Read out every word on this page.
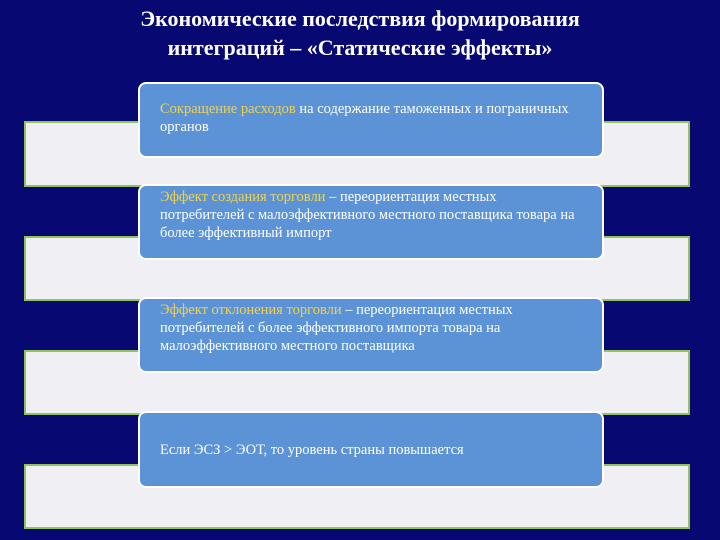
Экономические последствия формирования
интеграций – «Статические эффекты»
Сокращение расходов на содержание таможенных и пограничных органов
Эффект создания торговли – переориентация местных потребителей с малоэффективного местного поставщика товара на более эффективный импорт
Эффект отклонения торговли – переориентация местных потребителей с более эффективного импорта товара на малоэффективного местного поставщика
Если ЭСЗ > ЭОТ, то уровень страны повышается
